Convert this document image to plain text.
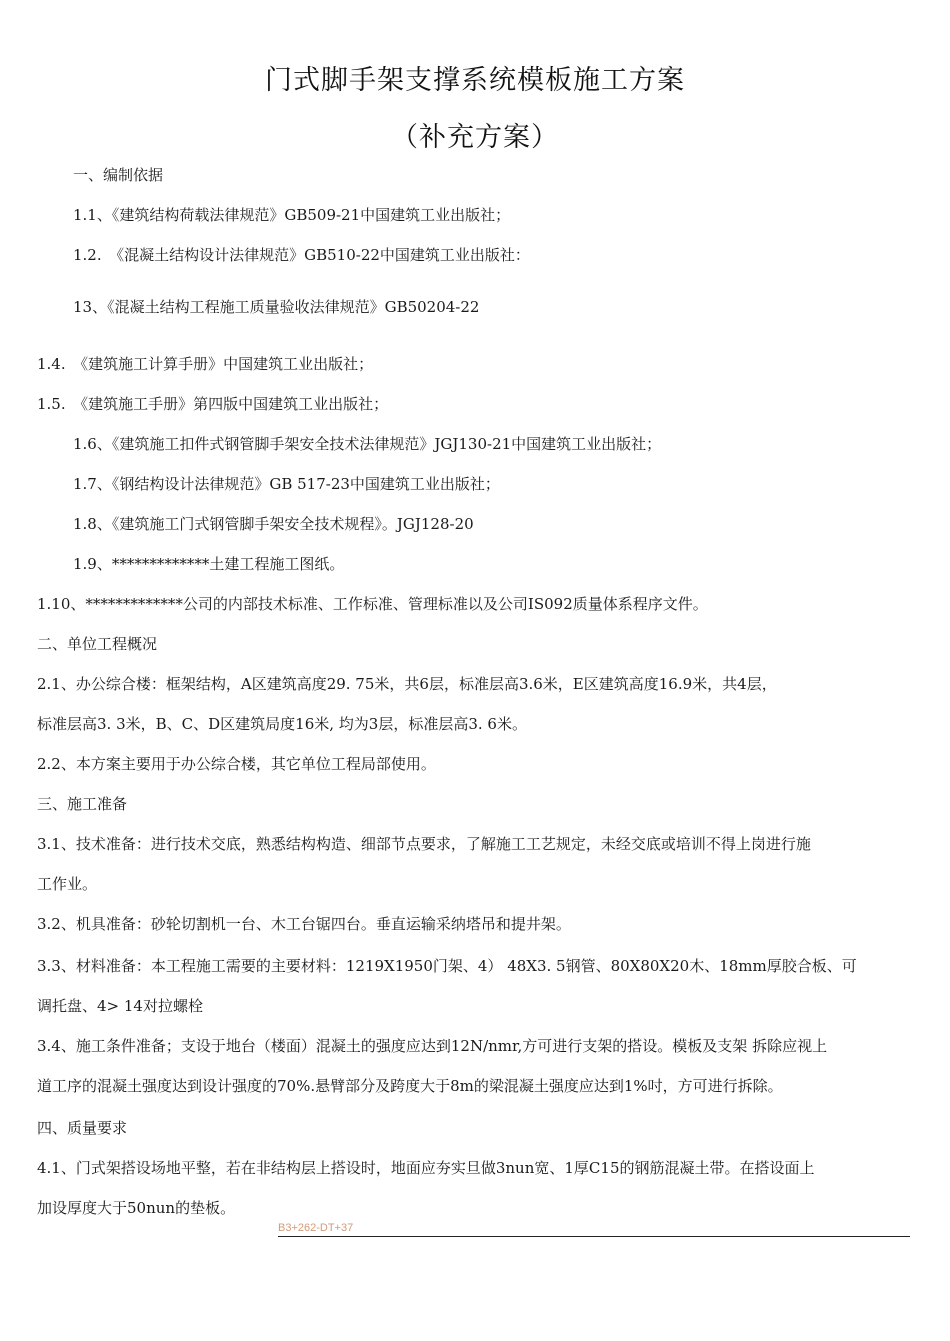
门式脚手架支撑系统模板施工方案
（补充方案）
一、编制依据
1.1、《建筑结构荷载法律规范》GB509-21中国建筑工业出版社；
1.2.　《混凝土结构设计法律规范》GB510-22中国建筑工业出版社：
13、《混凝土结构工程施工质量验收法律规范》GB50204-22
1.4.　《建筑施工计算手册》中国建筑工业出版社；
1.5.　《建筑施工手册》第四版中国建筑工业出版社；
1.6、《建筑施工扣件式钢管脚手架安全技术法律规范》JGJ130-21中国建筑工业出版社；
1.7、《钢结构设计法律规范》GB 517-23中国建筑工业出版社；
1.8、《建筑施工门式钢管脚手架安全技术规程》。JGJ128-20
1.9、*************土建工程施工图纸。
1.10、*************公司的内部技术标准、工作标准、管理标准以及公司IS092质量体系程序文件。
二、单位工程概况
2.1、办公综合楼：框架结构，A区建筑高度29. 75米，共6层，标准层高3.6米，E区建筑高度16.9米，共4层，
标准层高3. 3米，B、C、D区建筑局度16米, 均为3层，标准层高3. 6米。
2.2、本方案主要用于办公综合楼，其它单位工程局部使用。
三、施工准备
3.1、技术准备：进行技术交底，熟悉结构构造、细部节点要求，了解施工工艺规定，未经交底或培训不得上岗进行施
工作业。
3.2、机具准备：砂轮切割机一台、木工台锯四台。垂直运输采纳塔吊和提井架。
3.3、材料准备：本工程施工需要的主要材料：1219X1950门架、4） 48X3. 5钢管、80X80X20木、18mm厚胶合板、可
调托盘、4> 14对拉螺栓
3.4、施工条件准备；支设于地台（楼面）混凝土的强度应达到12N/nmr,方可进行支架的搭设。模板及支架 拆除应视上
道工序的混凝土强度达到设计强度的70%.悬臂部分及跨度大于8m的梁混凝土强度应达到1%吋，方可进行拆除。
四、质量要求
4.1、门式架搭设场地平整，若在非结构层上搭设时，地面应夯实旦做3nun宽、1厚C15的钢筋混凝土带。在搭设面上
加设厚度大于50nun的垫板。
B3+262-DT+37
